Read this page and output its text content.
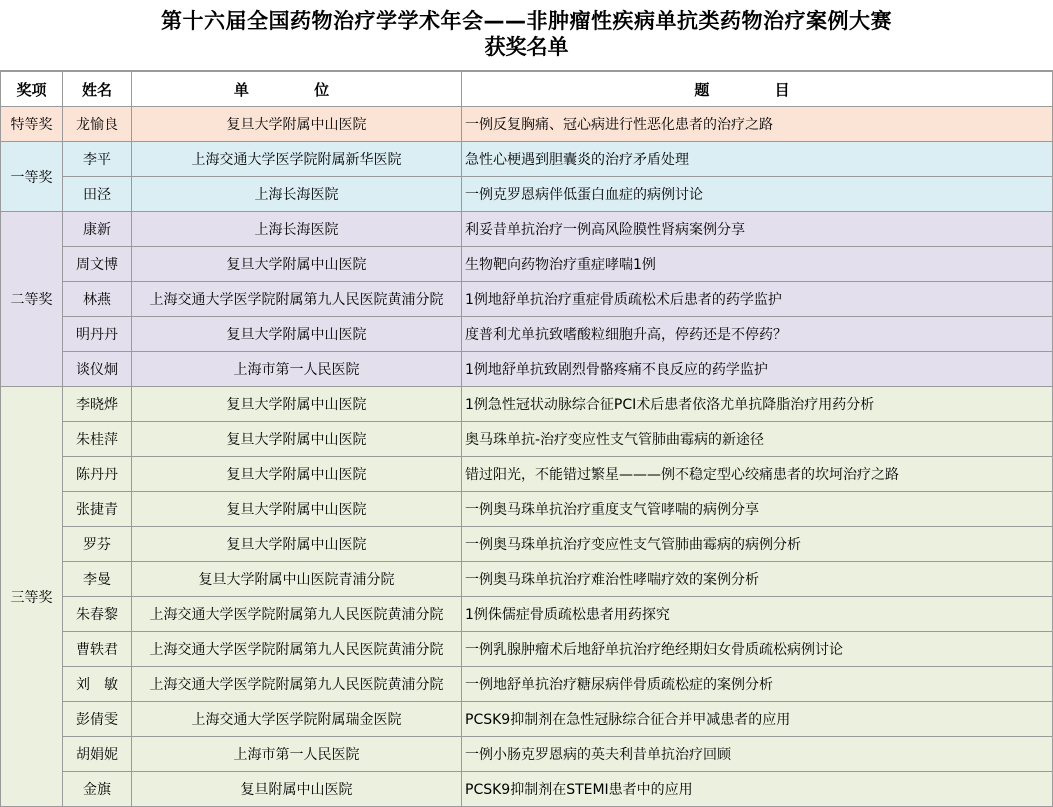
第十六届全国药物治疗学学术年会——非肿瘤性疾病单抗类药物治疗案例大赛
获奖名单
奖项	姓名	单 位	题 目
特等奖	龙愉良	复旦大学附属中山医院	一例反复胸痛、冠心病进行性恶化患者的治疗之路
一等奖	李平	上海交通大学医学院附属新华医院	急性心梗遇到胆囊炎的治疗矛盾处理
	田泾	上海长海医院	一例克罗恩病伴低蛋白血症的病例讨论
二等奖	康新	上海长海医院	利妥昔单抗治疗一例高风险膜性肾病案例分享
	周文博	复旦大学附属中山医院	生物靶向药物治疗重症哮喘1例
	林燕	上海交通大学医学院附属第九人民医院黄浦分院	1例地舒单抗治疗重症骨质疏松术后患者的药学监护
	明丹丹	复旦大学附属中山医院	度普利尤单抗致嗜酸粒细胞升高，停药还是不停药？
	谈仪炯	上海市第一人民医院	1例地舒单抗致剧烈骨骼疼痛不良反应的药学监护
三等奖	李晓烨	复旦大学附属中山医院	1例急性冠状动脉综合征PCI术后患者依洛尤单抗降脂治疗用药分析
	朱桂萍	复旦大学附属中山医院	奥马珠单抗-治疗变应性支气管肺曲霉病的新途径
	陈丹丹	复旦大学附属中山医院	错过阳光，不能错过繁星———例不稳定型心绞痛患者的坎坷治疗之路
	张捷青	复旦大学附属中山医院	一例奥马珠单抗治疗重度支气管哮喘的病例分享
	罗芬	复旦大学附属中山医院	一例奥马珠单抗治疗变应性支气管肺曲霉病的病例分析
	李曼	复旦大学附属中山医院青浦分院	一例奥马珠单抗治疗难治性哮喘疗效的案例分析
	朱春黎	上海交通大学医学院附属第九人民医院黄浦分院	1例侏儒症骨质疏松患者用药探究
	曹轶君	上海交通大学医学院附属第九人民医院黄浦分院	一例乳腺肿瘤术后地舒单抗治疗绝经期妇女骨质疏松病例讨论
	刘　敏	上海交通大学医学院附属第九人民医院黄浦分院	一例地舒单抗治疗糖尿病伴骨质疏松症的案例分析
	彭倩雯	上海交通大学医学院附属瑞金医院	PCSK9抑制剂在急性冠脉综合征合并甲减患者的应用
	胡娟妮	上海市第一人民医院	一例小肠克罗恩病的英夫利昔单抗治疗回顾
	金旗	复旦附属中山医院	PCSK9抑制剂在STEMI患者中的应用
